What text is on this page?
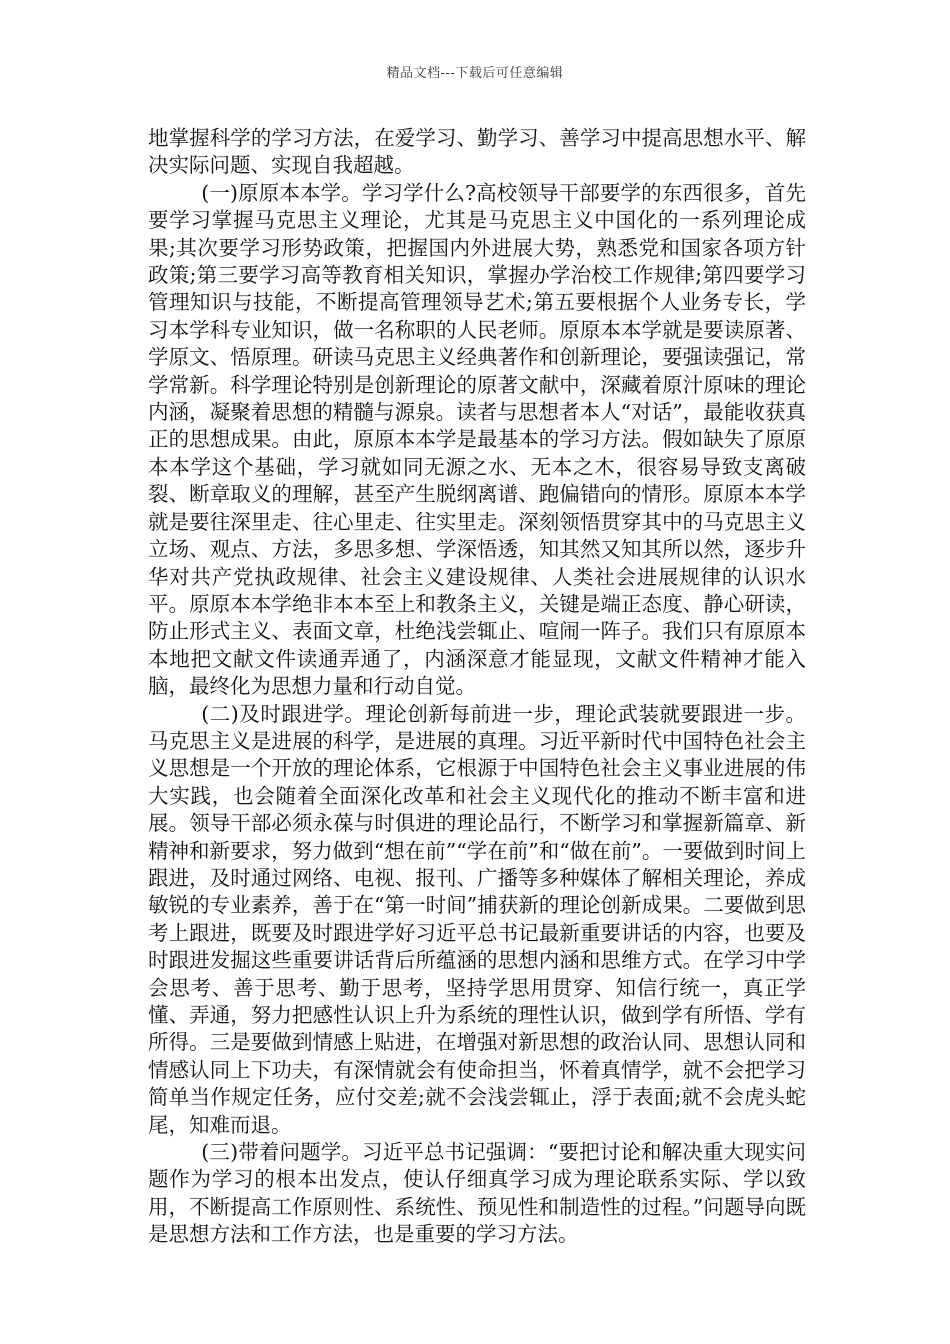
精品文档---下载后可任意编辑

地掌握科学的学习方法，在爱学习、勤学习、善学习中提高思想水平、解决实际问题、实现自我超越。

(一)原原本本学。学习学什么?高校领导干部要学的东西很多，首先要学习掌握马克思主义理论，尤其是马克思主义中国化的一系列理论成果;其次要学习形势政策，把握国内外进展大势，熟悉党和国家各项方针政策;第三要学习高等教育相关知识，掌握办学治校工作规律;第四要学习管理知识与技能，不断提高管理领导艺术;第五要根据个人业务专长，学习本学科专业知识，做一名称职的人民老师。原原本本学就是要读原著、学原文、悟原理。研读马克思主义经典著作和创新理论，要强读强记，常学常新。科学理论特别是创新理论的原著文献中，深藏着原汁原味的理论内涵，凝聚着思想的精髓与源泉。读者与思想者本人“对话”，最能收获真正的思想成果。由此，原原本本学是最基本的学习方法。假如缺失了原原本本学这个基础，学习就如同无源之水、无本之木，很容易导致支离破裂、断章取义的理解，甚至产生脱纲离谱、跑偏错向的情形。原原本本学就是要往深里走、往心里走、往实里走。深刻领悟贯穿其中的马克思主义立场、观点、方法，多思多想、学深悟透，知其然又知其所以然，逐步升华对共产党执政规律、社会主义建设规律、人类社会进展规律的认识水平。原原本本学绝非本本至上和教条主义，关键是端正态度、静心研读，防止形式主义、表面文章，杜绝浅尝辄止、喧闹一阵子。我们只有原原本本地把文献文件读通弄通了，内涵深意才能显现，文献文件精神才能入脑，最终化为思想力量和行动自觉。

(二)及时跟进学。理论创新每前进一步，理论武装就要跟进一步。马克思主义是进展的科学，是进展的真理。习近平新时代中国特色社会主义思想是一个开放的理论体系，它根源于中国特色社会主义事业进展的伟大实践，也会随着全面深化改革和社会主义现代化的推动不断丰富和进展。领导干部必须永葆与时俱进的理论品行，不断学习和掌握新篇章、新精神和新要求，努力做到“想在前”“学在前”和“做在前”。一要做到时间上跟进，及时通过网络、电视、报刊、广播等多种媒体了解相关理论，养成敏锐的专业素养，善于在“第一时间”捕获新的理论创新成果。二要做到思考上跟进，既要及时跟进学好习近平总书记最新重要讲话的内容，也要及时跟进发掘这些重要讲话背后所蕴涵的思想内涵和思维方式。在学习中学会思考、善于思考、勤于思考，坚持学思用贯穿、知信行统一，真正学懂、弄通，努力把感性认识上升为系统的理性认识，做到学有所悟、学有所得。三是要做到情感上贴进，在增强对新思想的政治认同、思想认同和情感认同上下功夫，有深情就会有使命担当，怀着真情学，就不会把学习简单当作规定任务，应付交差;就不会浅尝辄止，浮于表面;就不会虎头蛇尾，知难而退。

(三)带着问题学。习近平总书记强调：“要把讨论和解决重大现实问题作为学习的根本出发点，使认仔细真学习成为理论联系实际、学以致用，不断提高工作原则性、系统性、预见性和制造性的过程。”问题导向既是思想方法和工作方法，也是重要的学习方法。
